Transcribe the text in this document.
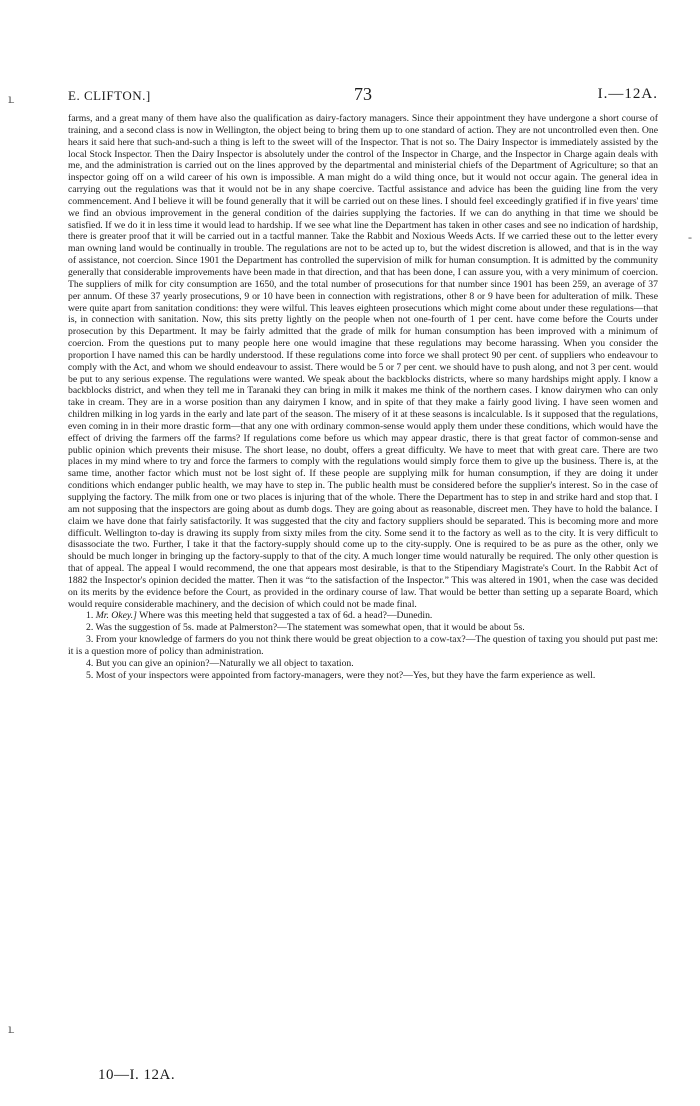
E. CLIFTON.]	73	I.—12A.
ւ
-
ւ

farms, and a great many of them have also the qualification as dairy-factory managers. Since their appointment they have undergone a short course of training, and a second class is now in Wellington, the object being to bring them up to one standard of action. They are not uncontrolled even then. One hears it said here that such-and-such a thing is left to the sweet will of the Inspector. That is not so. The Dairy Inspector is immediately assisted by the local Stock Inspector. Then the Dairy Inspector is absolutely under the control of the Inspector in Charge, and the Inspector in Charge again deals with me, and the administration is carried out on the lines approved by the departmental and ministerial chiefs of the Department of Agriculture; so that an inspector going off on a wild career of his own is impossible. A man might do a wild thing once, but it would not occur again. The general idea in carrying out the regulations was that it would not be in any shape coercive. Tactful assistance and advice has been the guiding line from the very commencement. And I believe it will be found generally that it will be carried out on these lines. I should feel exceedingly gratified if in five years' time we find an obvious improvement in the general condition of the dairies supplying the factories. If we can do anything in that time we should be satisfied. If we do it in less time it would lead to hardship. If we see what line the Department has taken in other cases and see no indication of hardship, there is greater proof that it will be carried out in a tactful manner. Take the Rabbit and Noxious Weeds Acts. If we carried these out to the letter every man owning land would be continually in trouble. The regulations are not to be acted up to, but the widest discretion is allowed, and that is in the way of assistance, not coercion. Since 1901 the Department has controlled the supervision of milk for human consumption. It is admitted by the community generally that considerable improvements have been made in that direction, and that has been done, I can assure you, with a very minimum of coercion. The suppliers of milk for city consumption are 1650, and the total number of prosecutions for that number since 1901 has been 259, an average of 37 per annum. Of these 37 yearly prosecutions, 9 or 10 have been in connection with registrations, other 8 or 9 have been for adulteration of milk. These were quite apart from sanitation conditions: they were wilful. This leaves eighteen prosecutions which might come about under these regulations—that is, in connection with sanitation. Now, this sits pretty lightly on the people when not one-fourth of 1 per cent. have come before the Courts under prosecution by this Department. It may be fairly admitted that the grade of milk for human consumption has been improved with a minimum of coercion. From the questions put to many people here one would imagine that these regulations may become harassing. When you consider the proportion I have named this can be hardly understood. If these regulations come into force we shall protect 90 per cent. of suppliers who endeavour to comply with the Act, and whom we should endeavour to assist. There would be 5 or 7 per cent. we should have to push along, and not 3 per cent. would be put to any serious expense. The regulations were wanted. We speak about the backblocks districts, where so many hardships might apply. I know a backblocks district, and when they tell me in Taranaki they can bring in milk it makes me think of the northern cases. I know dairymen who can only take in cream. They are in a worse position than any dairymen I know, and in spite of that they make a fairly good living. I have seen women and children milking in log yards in the early and late part of the season. The misery of it at these seasons is incalculable. Is it supposed that the regulations, even coming in in their more drastic form—that any one with ordinary common-sense would apply them under these conditions, which would have the effect of driving the farmers off the farms? If regulations come before us which may appear drastic, there is that great factor of common-sense and public opinion which prevents their misuse. The short lease, no doubt, offers a great difficulty. We have to meet that with great care. There are two places in my mind where to try and force the farmers to comply with the regulations would simply force them to give up the business. There is, at the same time, another factor which must not be lost sight of. If these people are supplying milk for human consumption, if they are doing it under conditions which endanger public health, we may have to step in. The public health must be considered before the supplier's interest. So in the case of supplying the factory. The milk from one or two places is injuring that of the whole. There the Department has to step in and strike hard and stop that. I am not supposing that the inspectors are going about as dumb dogs. They are going about as reasonable, discreet men. They have to hold the balance. I claim we have done that fairly satisfactorily. It was suggested that the city and factory suppliers should be separated. This is becoming more and more difficult. Wellington to-day is drawing its supply from sixty miles from the city. Some send it to the factory as well as to the city. It is very difficult to disassociate the two. Further, I take it that the factory-supply should come up to the city-supply. One is required to be as pure as the other, only we should be much longer in bringing up the factory-supply to that of the city. A much longer time would naturally be required. The only other question is that of appeal. The appeal I would recommend, the one that appears most desirable, is that to the Stipendiary Magistrate's Court. In the Rabbit Act of 1882 the Inspector's opinion decided the matter. Then it was “to the satisfaction of the Inspector.” This was altered in 1901, when the case was decided on its merits by the evidence before the Court, as provided in the ordinary course of law. That would be better than setting up a separate Board, which would require considerable machinery, and the decision of which could not be made final.

1. Mr. Okey.] Where was this meeting held that suggested a tax of 6d. a head?—Dunedin.

2. Was the suggestion of 5s. made at Palmerston?—The statement was somewhat open, that it would be about 5s.

3. From your knowledge of farmers do you not think there would be great objection to a cow-tax?—The question of taxing you should put past me: it is a question more of policy than administration.

4. But you can give an opinion?—Naturally we all object to taxation.

5. Most of your inspectors were appointed from factory-managers, were they not?—Yes, but they have the farm experience as well.

10—I. 12A.
